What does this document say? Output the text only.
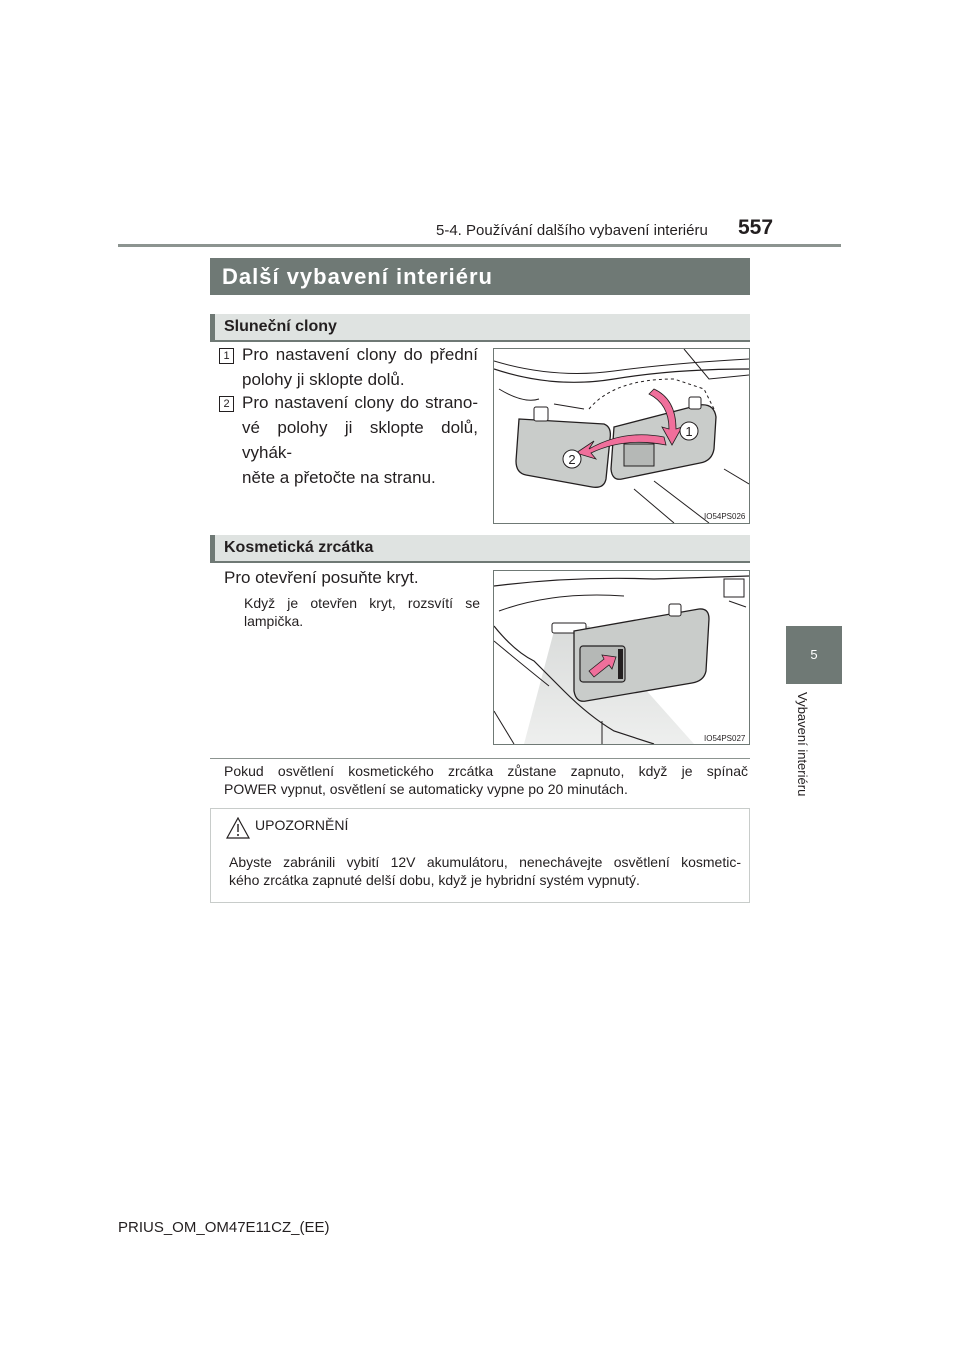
5-4. Používání dalšího vybavení interiéru 557
5
Vybavení interiéru
Další vybavení interiéru
Sluneční clony
1 Pro nastavení clony do přední
polohy ji sklopte dolů.
2 Pro nastavení clony do strano-
vé polohy ji sklopte dolů, vyhák-
něte a přetočte na stranu.
1
2
IO54PS026
Kosmetická zrcátka
Pro otevření posuňte kryt.
Když je otevřen kryt, rozsvítí se
lampička.
IO54PS027
Pokud osvětlení kosmetického zrcátka zůstane zapnuto, když je spínač
POWER vypnut, osvětlení se automaticky vypne po 20 minutách.
UPOZORNĚNÍ
Abyste zabránili vybití 12V akumulátoru, nenechávejte osvětlení kosmetic-
kého zrcátka zapnuté delší dobu, když je hybridní systém vypnutý.
PRIUS_OM_OM47E11CZ_(EE)
